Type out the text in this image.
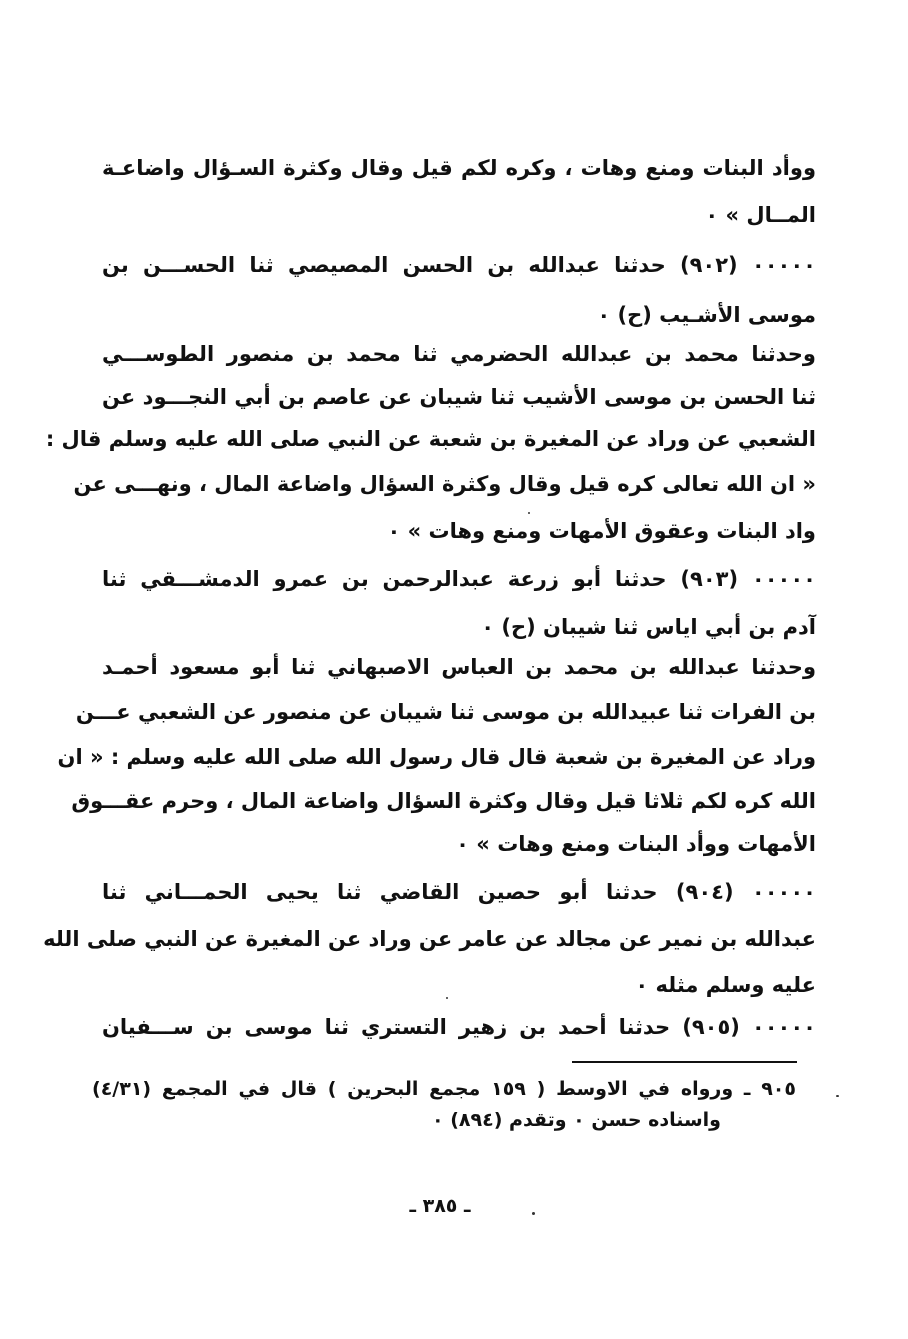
ووأد البنات ومنع وهات ، وكره لكم قيل وقال وكثرة السـؤال واضاعـة
المــال » ٠
٠٠٠٠٠ (٩٠٢) حدثنا عبدالله بن الحسن المصيصي ثنا الحســـن بن
موسى الأشـيب (ح) ٠
وحدثنا محمد بن عبدالله الحضرمي ثنا محمد بن منصور الطوســـي
ثنا الحسن بن موسى الأشيب ثنا شيبان عن عاصم بن أبي النجـــود عن
الشعبي عن وراد عن المغيرة بن شعبة عن النبي صلى الله عليه وسلم قال :
« ان الله تعالى كره قيل وقال وكثرة السؤال واضاعة المال ، ونهـــى عن
واد البنات وعقوق الأمهات ومنع وهات » ٠
٠٠٠٠٠ (٩٠٣) حدثنا أبو زرعة عبدالرحمن بن عمرو الدمشـــقي ثنا
آدم بن أبي اياس ثنا شيبان (ح) ٠
وحدثنا عبدالله بن محمد بن العباس الاصبهاني ثنا أبو مسعود أحمـد
بن الفرات ثنا عبيدالله بن موسى ثنا شيبان عن منصور عن الشعبي عـــن
وراد عن المغيرة بن شعبة قال قال رسول الله صلى الله عليه وسلم : « ان
الله كره لكم ثلاثا قيل وقال وكثرة السؤال واضاعة المال ، وحرم عقـــوق
الأمهات ووأد البنات ومنع وهات » ٠
٠٠٠٠٠ (٩٠٤) حدثنا أبو حصين القاضي ثنا يحيى الحمـــاني ثنا
عبدالله بن نمير عن مجالد عن عامر عن وراد عن المغيرة عن النبي صلى الله
عليه وسلم مثله ٠
٠٠٠٠٠ (٩٠٥) حدثنا أحمد بن زهير التستري ثنا موسى بن ســـفيان
٩٠٥ ـ ورواه في الاوسط ( ١٥٩ مجمع البحرين ) قال في المجمع (٤/٣١)
واسناده حسن ٠ وتقدم (٨٩٤) ٠
ـ ٣٨٥ ـ
